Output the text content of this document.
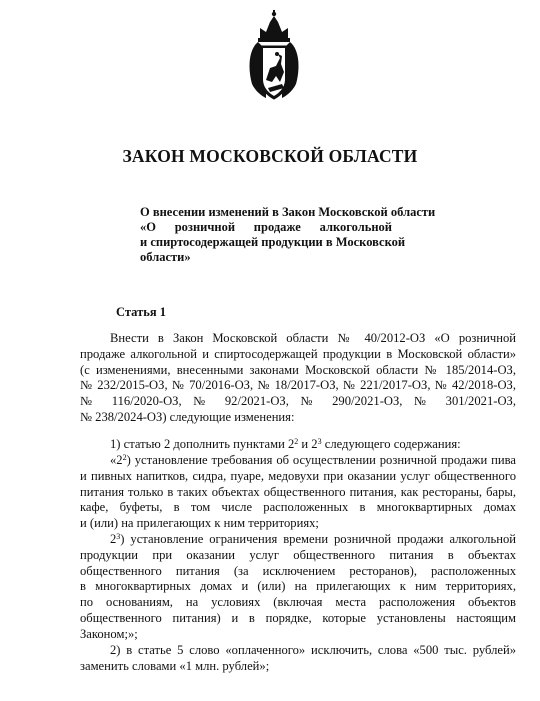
ЗАКОН МОСКОВСКОЙ ОБЛАСТИ
О внесении изменений в Закон Московской области
«О розничной продаже алкогольной
и спиртосодержащей продукции в Московской
области»
Статья 1
Внести в Закон Московской области № 40/2012-ОЗ «О розничной
продаже алкогольной и спиртосодержащей продукции в Московской области»
(с изменениями, внесенными законами Московской области № 185/2014-ОЗ,
№ 232/2015-ОЗ, № 70/2016-ОЗ, № 18/2017-ОЗ, № 221/2017-ОЗ, № 42/2018-ОЗ,
№ 116/2020-ОЗ, № 92/2021-ОЗ, № 290/2021-ОЗ, № 301/2021-ОЗ,
№ 238/2024-ОЗ) следующие изменения:
1) статью 2 дополнить пунктами $2^2$ и $2^3$ следующего содержания:
«$2^2$) установление требования об осуществлении розничной продажи пива
и пивных напитков, сидра, пуаре, медовухи при оказании услуг общественного
питания только в таких объектах общественного питания, как рестораны, бары,
кафе, буфеты, в том числе расположенных в многоквартирных домах
и (или) на прилегающих к ним территориях;
$2^3$) установление ограничения времени розничной продажи алкогольной
продукции при оказании услуг общественного питания в объектах
общественного питания (за исключением ресторанов), расположенных
в многоквартирных домах и (или) на прилегающих к ним территориях,
по основаниям, на условиях (включая места расположения объектов
общественного питания) и в порядке, которые установлены настоящим
Законом;»;
2) в статье 5 слово «оплаченного» исключить, слова «500 тыс. рублей»
заменить словами «1 млн. рублей»;
